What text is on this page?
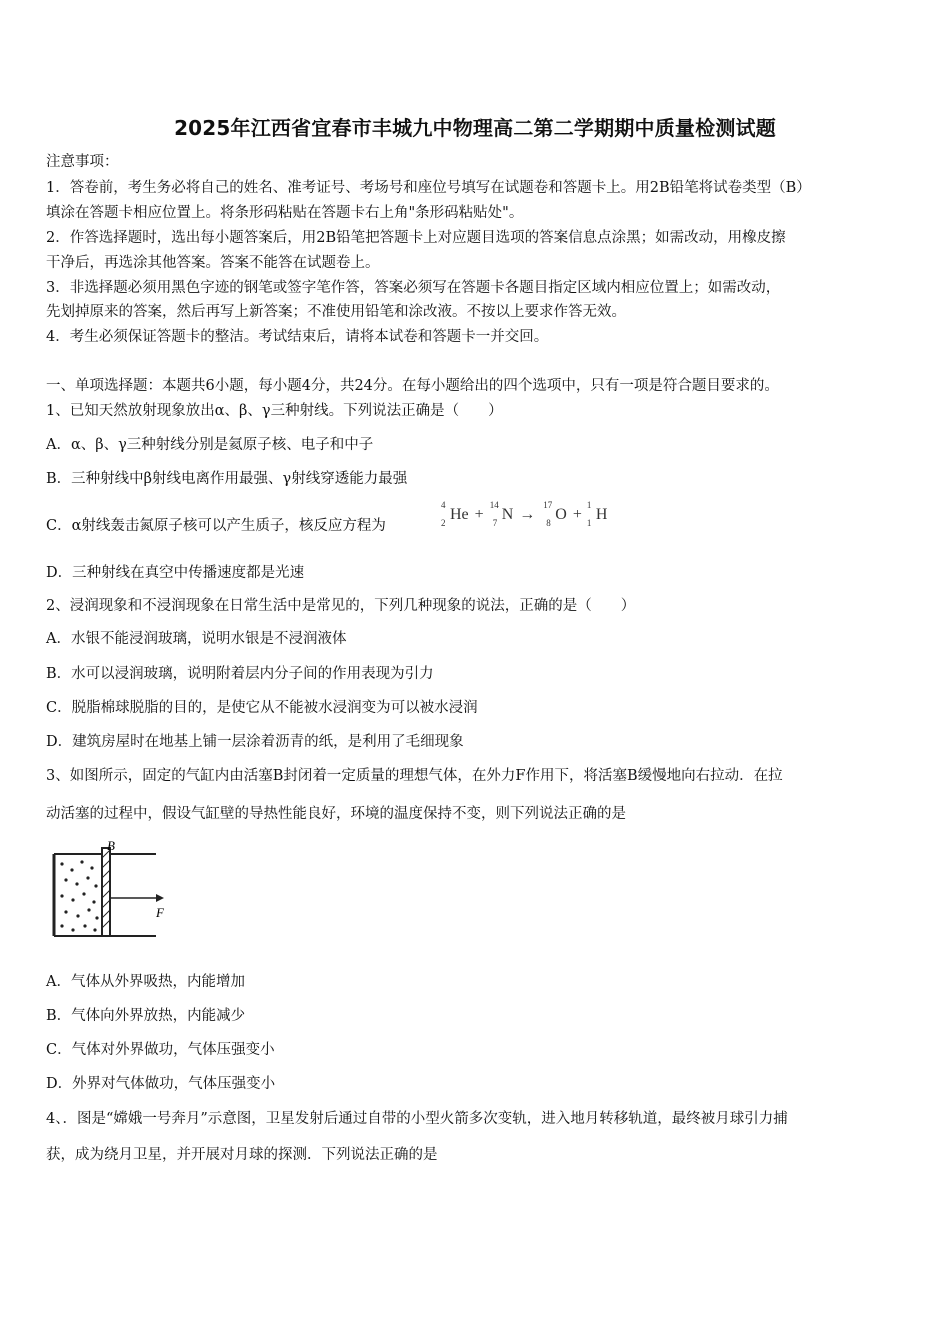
2025年江西省宜春市丰城九中物理高二第二学期期中质量检测试题
注意事项：
1．答卷前，考生务必将自己的姓名、准考证号、考场号和座位号填写在试题卷和答题卡上。用2B铅笔将试卷类型（B）
填涂在答题卡相应位置上。将条形码粘贴在答题卡右上角"条形码粘贴处"。
2．作答选择题时，选出每小题答案后，用2B铅笔把答题卡上对应题目选项的答案信息点涂黑；如需改动，用橡皮擦
干净后，再选涂其他答案。答案不能答在试题卷上。
3．非选择题必须用黑色字迹的钢笔或签字笔作答，答案必须写在答题卡各题目指定区域内相应位置上；如需改动，
先划掉原来的答案，然后再写上新答案；不准使用铅笔和涂改液。不按以上要求作答无效。
4．考生必须保证答题卡的整洁。考试结束后，请将本试卷和答题卡一并交回。
一、单项选择题：本题共6小题，每小题4分，共24分。在每小题给出的四个选项中，只有一项是符合题目要求的。
1、已知天然放射现象放出α、β、γ三种射线。下列说法正确是（　　）
A．α、β、γ三种射线分别是氦原子核、电子和中子
B．三种射线中β射线电离作用最强、γ射线穿透能力最强
C．α射线轰击氮原子核可以产生质子，核反应方程为
4
2 He +
14
7 N →
17
8 O +
1
1 H
D．三种射线在真空中传播速度都是光速
2、浸润现象和不浸润现象在日常生活中是常见的，下列几种现象的说法，正确的是（　　）
A．水银不能浸润玻璃，说明水银是不浸润液体
B．水可以浸润玻璃，说明附着层内分子间的作用表现为引力
C．脱脂棉球脱脂的目的，是使它从不能被水浸润变为可以被水浸润
D．建筑房屋时在地基上铺一层涂着沥青的纸，是利用了毛细现象
3、如图所示，固定的气缸内由活塞B封闭着一定质量的理想气体，在外力F作用下，将活塞B缓慢地向右拉动．在拉
动活塞的过程中，假设气缸壁的导热性能良好，环境的温度保持不变，则下列说法正确的是
B
F
A．气体从外界吸热，内能增加
B．气体向外界放热，内能减少
C．气体对外界做功，气体压强变小
D．外界对气体做功，气体压强变小
4、．图是“嫦娥一号奔月”示意图，卫星发射后通过自带的小型火箭多次变轨，进入地月转移轨道，最终被月球引力捕
获，成为绕月卫星，并开展对月球的探测．下列说法正确的是
